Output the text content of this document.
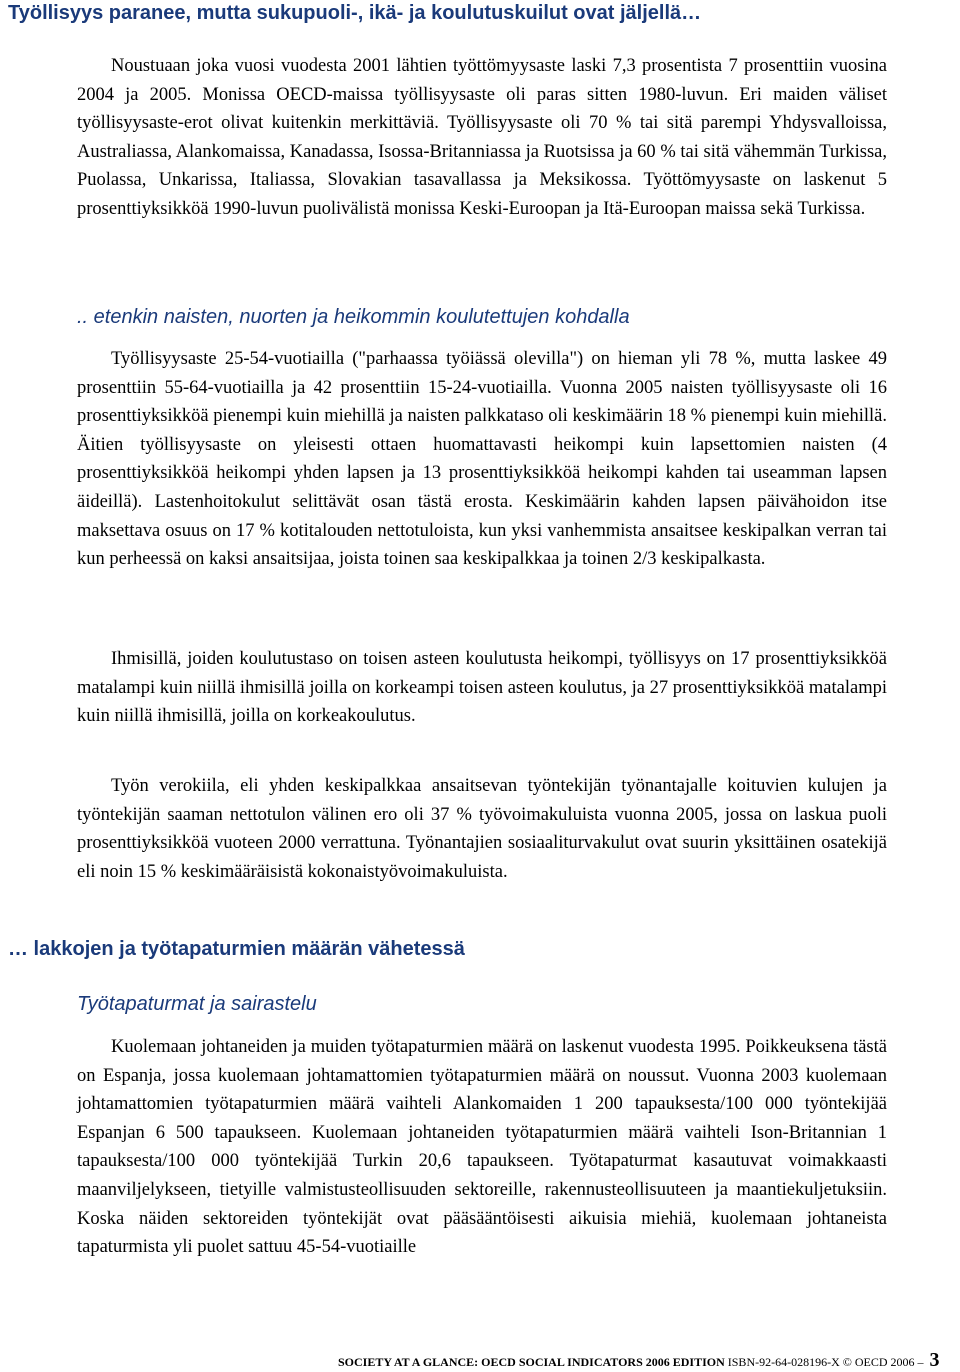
Työllisyys paranee, mutta sukupuoli-, ikä- ja koulutuskuilut ovat jäljellä…

Noustuaan joka vuosi vuodesta 2001 lähtien työttömyysaste laski 7,3 prosentista 7 prosenttiin vuosina 2004 ja 2005. Monissa OECD-maissa työllisyysaste oli paras sitten 1980-luvun. Eri maiden väliset työllisyysaste-erot olivat kuitenkin merkittäviä. Työllisyysaste oli 70 % tai sitä parempi Yhdysvalloissa, Australiassa, Alankomaissa, Kanadassa, Isossa-Britanniassa ja Ruotsissa ja 60 % tai sitä vähemmän Turkissa, Puolassa, Unkarissa, Italiassa, Slovakian tasavallassa ja Meksikossa. Työttömyysaste on laskenut 5 prosenttiyksikköä 1990-luvun puolivälistä monissa Keski-Euroopan ja Itä-Euroopan maissa sekä Turkissa.

.. etenkin naisten, nuorten ja heikommin koulutettujen kohdalla

Työllisyysaste 25-54-vuotiailla ("parhaassa työiässä olevilla") on hieman yli 78 %, mutta laskee 49 prosenttiin 55-64-vuotiailla ja 42 prosenttiin 15-24-vuotiailla. Vuonna 2005 naisten työllisyysaste oli 16 prosenttiyksikköä pienempi kuin miehillä ja naisten palkkataso oli keskimäärin 18 % pienempi kuin miehillä. Äitien työllisyysaste on yleisesti ottaen huomattavasti heikompi kuin lapsettomien naisten (4 prosenttiyksikköä heikompi yhden lapsen ja 13 prosenttiyksikköä heikompi kahden tai useamman lapsen äideillä). Lastenhoitokulut selittävät osan tästä erosta. Keskimäärin kahden lapsen päivähoidon itse maksettava osuus on 17 % kotitalouden nettotuloista, kun yksi vanhemmista ansaitsee keskipalkan verran tai kun perheessä on kaksi ansaitsijaa, joista toinen saa keskipalkkaa ja toinen 2/3 keskipalkasta.

Ihmisillä, joiden koulutustaso on toisen asteen koulutusta heikompi, työllisyys on 17 prosenttiyksikköä matalampi kuin niillä ihmisillä joilla on korkeampi toisen asteen koulutus, ja 27 prosenttiyksikköä matalampi kuin niillä ihmisillä, joilla on korkeakoulutus.

Työn verokiila, eli yhden keskipalkkaa ansaitsevan työntekijän työnantajalle koituvien kulujen ja työntekijän saaman nettotulon välinen ero oli 37 % työvoimakuluista vuonna 2005, jossa on laskua puoli prosenttiyksikköä vuoteen 2000 verrattuna. Työnantajien sosiaaliturvakulut ovat suurin yksittäinen osatekijä eli noin 15 % keskimääräisistä kokonaistyövoimakuluista.

… lakkojen ja työtapaturmien määrän vähetessä
Työtapaturmat ja sairastelu

Kuolemaan johtaneiden ja muiden työtapaturmien määrä on laskenut vuodesta 1995. Poikkeuksena tästä on Espanja, jossa kuolemaan johtamattomien työtapaturmien määrä on noussut. Vuonna 2003 kuolemaan johtamattomien työtapaturmien määrä vaihteli Alankomaiden 1 200 tapauksesta/100 000 työntekijää Espanjan 6 500 tapaukseen. Kuolemaan johtaneiden työtapaturmien määrä vaihteli Ison-Britannian 1 tapauksesta/100 000 työntekijää Turkin 20,6 tapaukseen. Työtapaturmat kasautuvat voimakkaasti maanviljelykseen, tietyille valmistusteollisuuden sektoreille, rakennusteollisuuteen ja maantiekuljetuksiin. Koska näiden sektoreiden työntekijät ovat pääsääntöisesti aikuisia miehiä, kuolemaan johtaneista tapaturmista yli puolet sattuu 45-54-vuotiaille

SOCIETY AT A GLANCE: OECD SOCIAL INDICATORS 2006 EDITION ISBN-92-64-028196-X © OECD 2006 – 3
